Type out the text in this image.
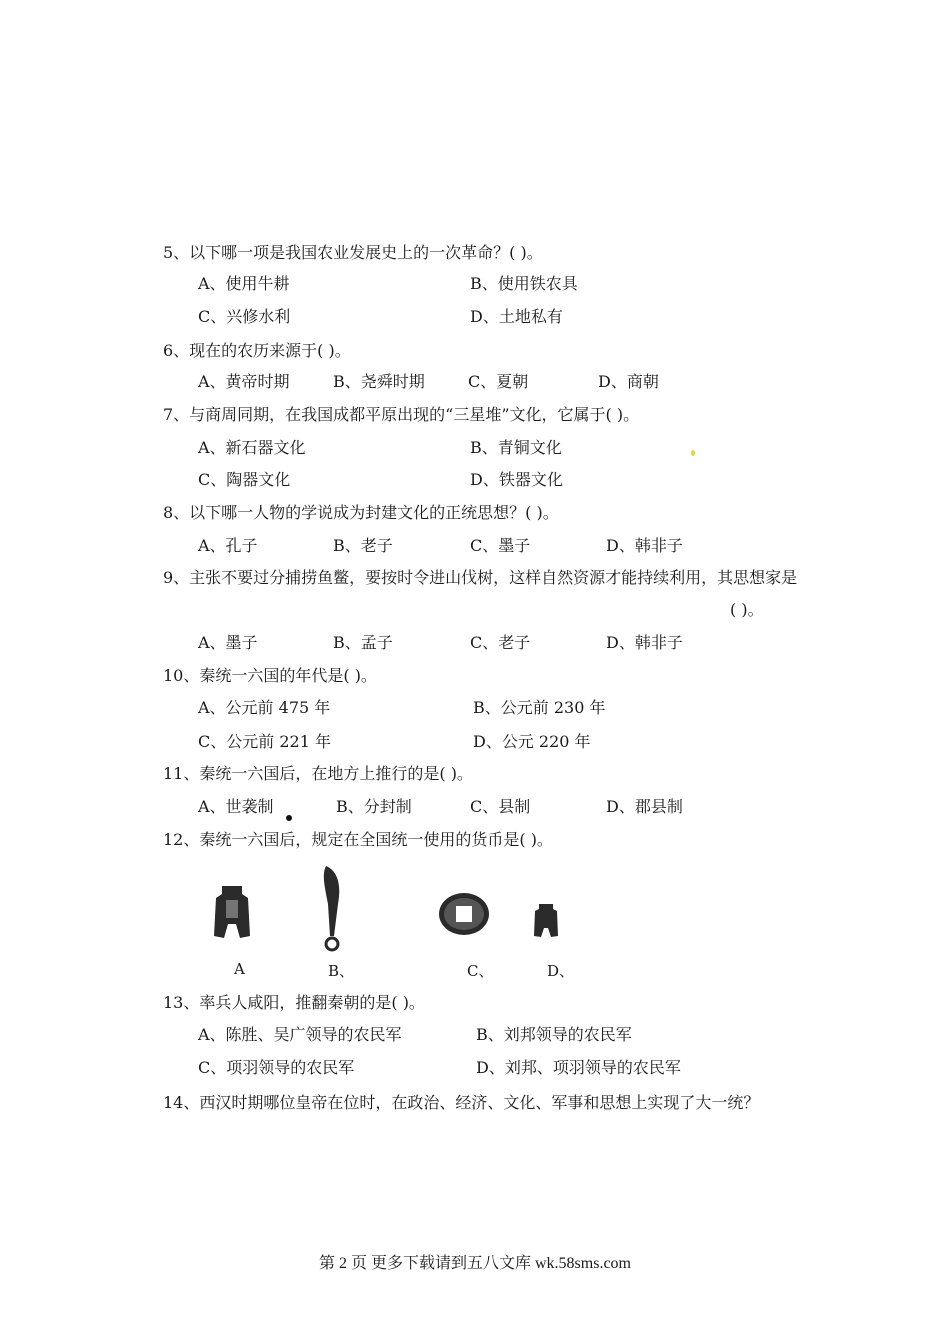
5、以下哪一项是我国农业发展史上的一次革命？( )。
A、使用牛耕	B、使用铁农具
C、兴修水利	D、土地私有
6、现在的农历来源于( )。
A、黄帝时期	B、尧舜时期	C、夏朝	D、商朝
7、与商周同期，在我国成都平原出现的“三星堆”文化，它属于( )。
A、新石器文化	B、青铜文化
C、陶器文化	D、铁器文化
8、以下哪一人物的学说成为封建文化的正统思想？( )。
A、孔子	B、老子	C、墨子	D、韩非子
9、主张不要过分捕捞鱼鳖，要按时令进山伐树，这样自然资源才能持续利用，其思想家是
( )。
A、墨子	B、孟子	C、老子	D、韩非子
10、秦统一六国的年代是( )。
A、公元前 475 年	B、公元前 230 年
C、公元前 221 年	D、公元 220 年
11、秦统一六国后，在地方上推行的是( )。
A、世袭制	B、分封制	C、县制	D、郡县制
12、秦统一六国后，规定在全国统一使用的货币是( )。
A	B、	C、	D、
13、率兵人咸阳，推翻秦朝的是( )。
A、陈胜、吴广领导的农民军	B、刘邦领导的农民军
C、项羽领导的农民军	D、刘邦、项羽领导的农民军
14、西汉时期哪位皇帝在位时，在政治、经济、文化、军事和思想上实现了大一统？
第 2 页 更多下载请到五八文库 wk.58sms.com
